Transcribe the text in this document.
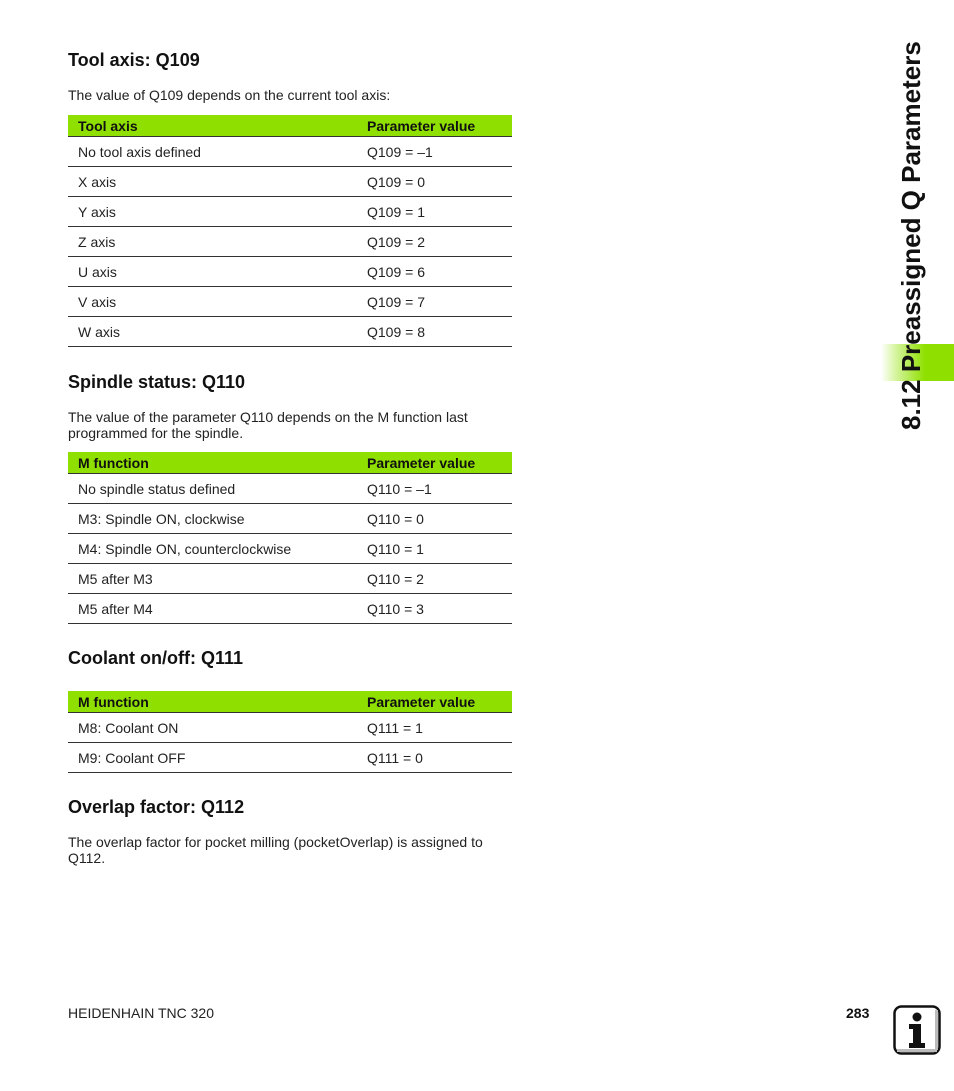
Tool axis: Q109

The value of Q109 depends on the current tool axis:

Tool axis	Parameter value
No tool axis defined	Q109 = –1
X axis	Q109 = 0
Y axis	Q109 = 1
Z axis	Q109 = 2
U axis	Q109 = 6
V axis	Q109 = 7
W axis	Q109 = 8
Spindle status: Q110

The value of the parameter Q110 depends on the M function last
programmed for the spindle.

M function	Parameter value
No spindle status defined	Q110 = –1
M3: Spindle ON, clockwise	Q110 = 0
M4: Spindle ON, counterclockwise	Q110 = 1
M5 after M3	Q110 = 2
M5 after M4	Q110 = 3
Coolant on/off: Q111
M function	Parameter value
M8: Coolant ON	Q111 = 1
M9: Coolant OFF	Q111 = 0
Overlap factor: Q112

The overlap factor for pocket milling (pocketOverlap) is assigned to
Q112.

8.12 Preassigned Q Parameters
HEIDENHAIN TNC 320	283
